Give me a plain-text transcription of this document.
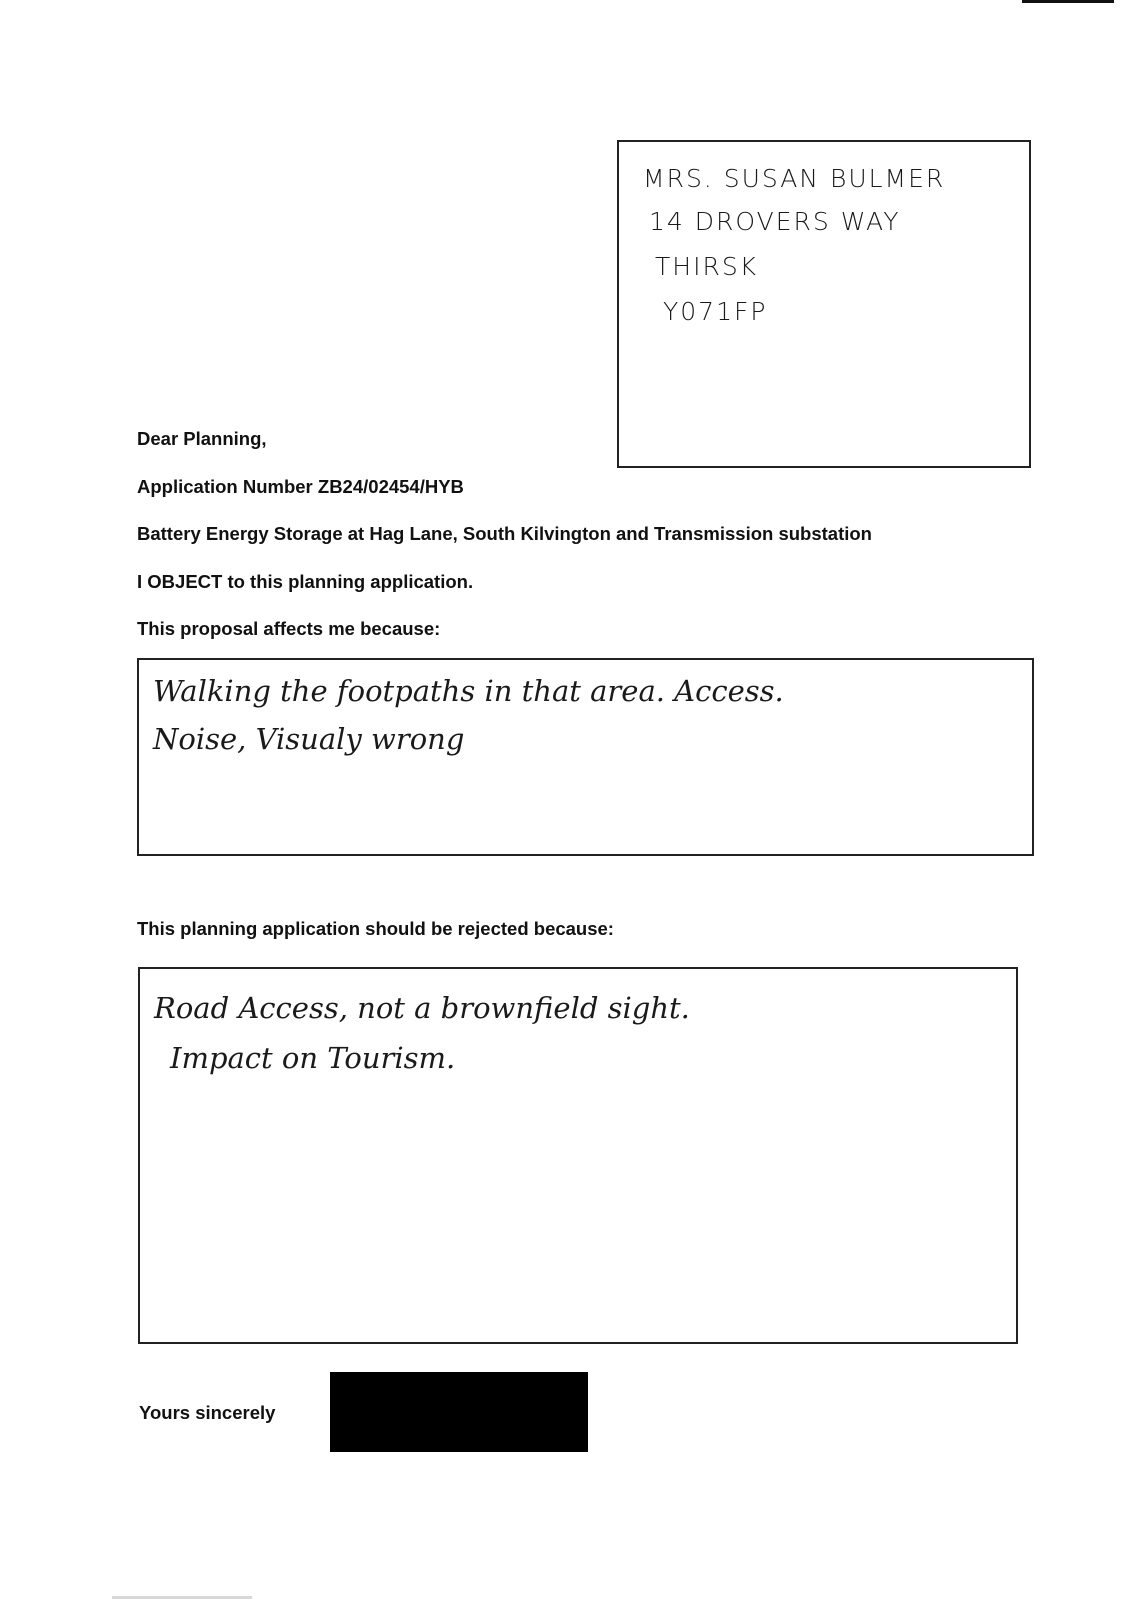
MRS. SUSAN BULMER
14 DROVERS WAY
THIRSK
Y071FP
Dear Planning,
Application Number ZB24/02454/HYB
Battery Energy Storage at Hag Lane, South Kilvington and Transmission substation
I OBJECT to this planning application.
This proposal affects me because:
Walking the footpaths in that area. Access.
Noise, Visualy wrong
This planning application should be rejected because:
Road Access, not a brownfield sight.
Impact on Tourism.
Yours sincerely
